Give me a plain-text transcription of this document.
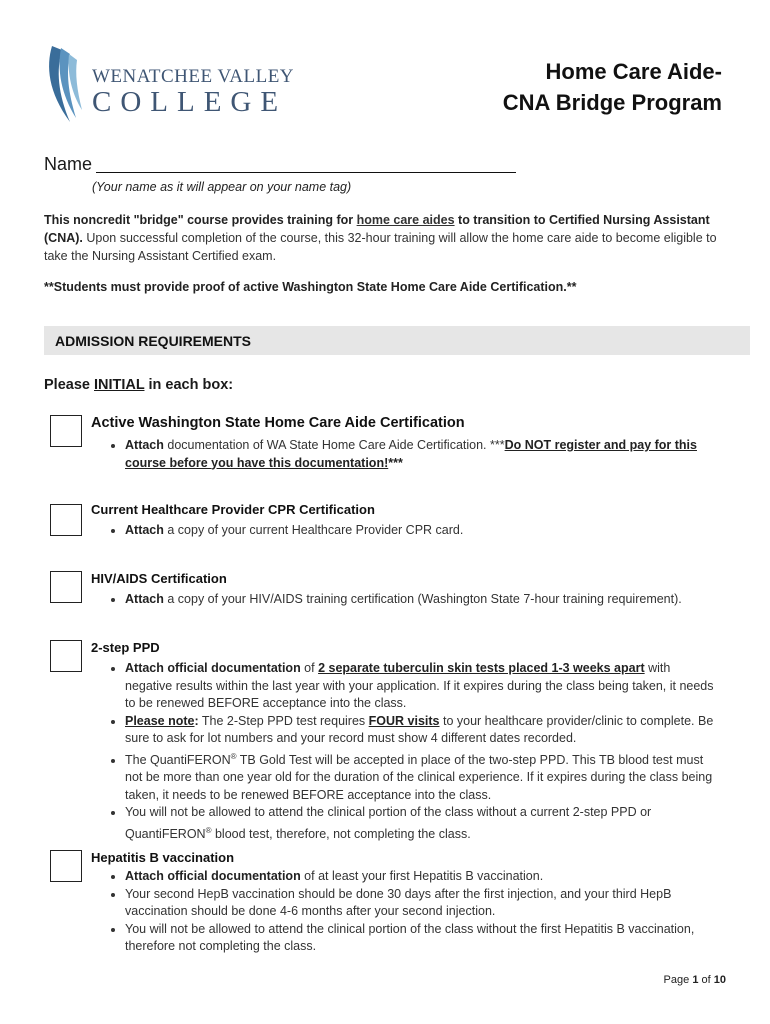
WENATCHEE VALLEY
COLLEGE
Home Care Aide-
CNA Bridge Program
Name
(Your name as it will appear on your name tag)
This noncredit "bridge" course provides training for home care aides to transition to Certified Nursing Assistant (CNA). Upon successful completion of the course, this 32-hour training will allow the home care aide to become eligible to take the Nursing Assistant Certified exam.
**Students must provide proof of active Washington State Home Care Aide Certification.**
ADMISSION REQUIREMENTS
Please INITIAL in each box:
Active Washington State Home Care Aide Certification
• Attach documentation of WA State Home Care Aide Certification. ***Do NOT register and pay for this course before you have this documentation!***
Current Healthcare Provider CPR Certification
• Attach a copy of your current Healthcare Provider CPR card.
HIV/AIDS Certification
• Attach a copy of your HIV/AIDS training certification (Washington State 7-hour training requirement).
2-step PPD
• Attach official documentation of 2 separate tuberculin skin tests placed 1-3 weeks apart with negative results within the last year with your application. If it expires during the class being taken, it needs to be renewed BEFORE acceptance into the class.
• Please note: The 2-Step PPD test requires FOUR visits to your healthcare provider/clinic to complete. Be sure to ask for lot numbers and your record must show 4 different dates recorded.
• The QuantiFERON® TB Gold Test will be accepted in place of the two-step PPD. This TB blood test must not be more than one year old for the duration of the clinical experience. If it expires during the class being taken, it needs to be renewed BEFORE acceptance into the class.
• You will not be allowed to attend the clinical portion of the class without a current 2-step PPD or QuantiFERON® blood test, therefore, not completing the class.
Hepatitis B vaccination
• Attach official documentation of at least your first Hepatitis B vaccination.
• Your second HepB vaccination should be done 30 days after the first injection, and your third HepB vaccination should be done 4-6 months after your second injection.
• You will not be allowed to attend the clinical portion of the class without the first Hepatitis B vaccination, therefore not completing the class.
Page 1 of 10
